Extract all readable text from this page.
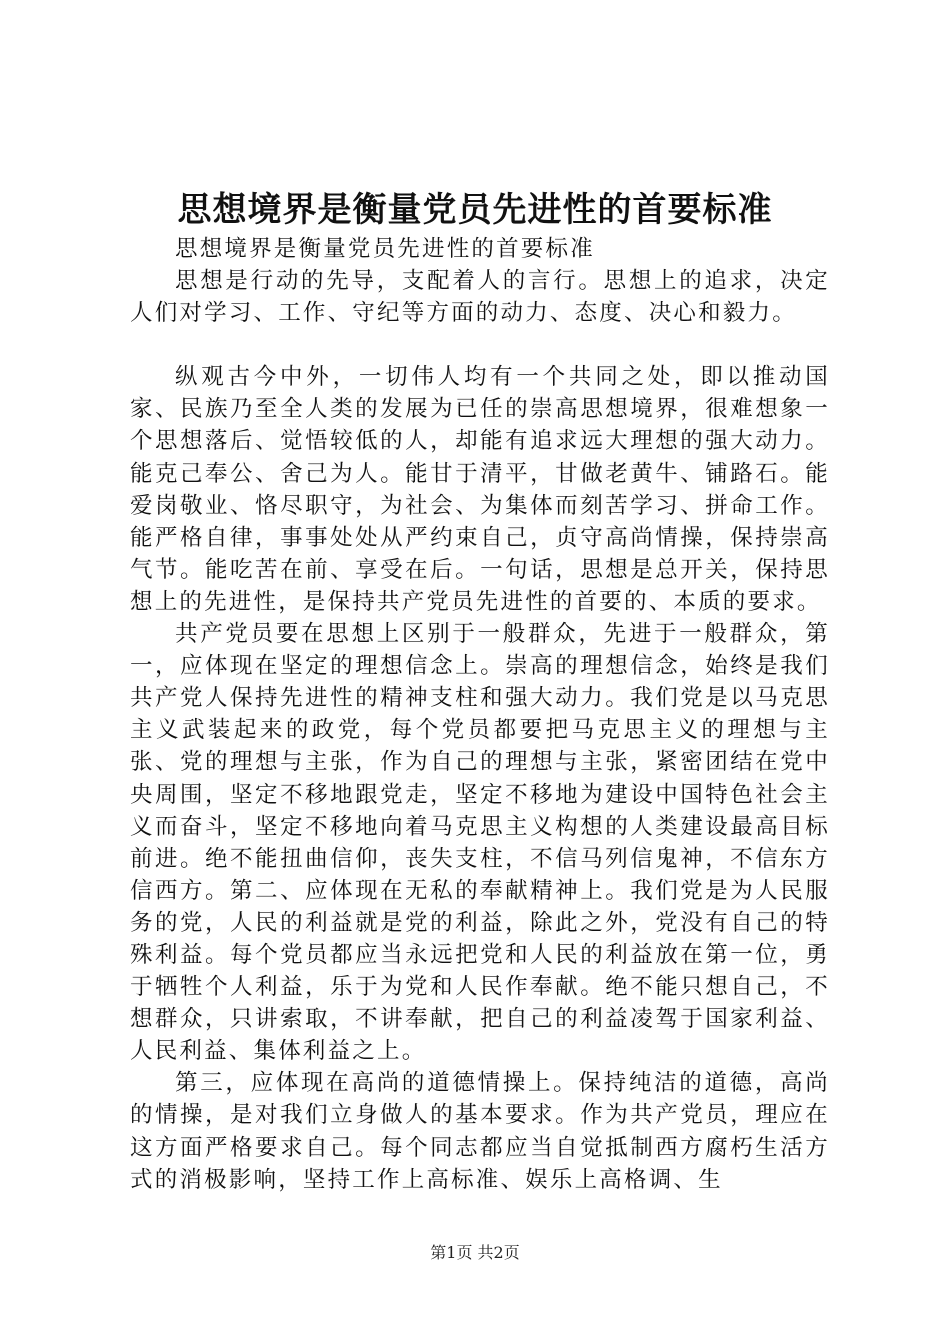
思想境界是衡量党员先进性的首要标准

思想境界是衡量党员先进性的首要标准

思想是行动的先导，支配着人的言行。思想上的追求，决定人们对学习、工作、守纪等方面的动力、态度、决心和毅力。

纵观古今中外，一切伟人均有一个共同之处，即以推动国家、民族乃至全人类的发展为已任的崇高思想境界，很难想象一个思想落后、觉悟较低的人，却能有追求远大理想的强大动力。能克己奉公、舍己为人。能甘于清平，甘做老黄牛、铺路石。能爱岗敬业、恪尽职守，为社会、为集体而刻苦学习、拼命工作。能严格自律，事事处处从严约束自己，贞守高尚情操，保持崇高气节。能吃苦在前、享受在后。一句话，思想是总开关，保持思想上的先进性，是保持共产党员先进性的首要的、本质的要求。

共产党员要在思想上区别于一般群众，先进于一般群众，第一，应体现在坚定的理想信念上。崇高的理想信念，始终是我们共产党人保持先进性的精神支柱和强大动力。我们党是以马克思主义武装起来的政党，每个党员都要把马克思主义的理想与主张、党的理想与主张，作为自己的理想与主张，紧密团结在党中央周围，坚定不移地跟党走，坚定不移地为建设中国特色社会主义而奋斗，坚定不移地向着马克思主义构想的人类建设最高目标前进。绝不能扭曲信仰，丧失支柱，不信马列信鬼神，不信东方信西方。第二、应体现在无私的奉献精神上。我们党是为人民服务的党，人民的利益就是党的利益，除此之外，党没有自己的特殊利益。每个党员都应当永远把党和人民的利益放在第一位，勇于牺牲个人利益，乐于为党和人民作奉献。绝不能只想自己，不想群众，只讲索取，不讲奉献，把自己的利益凌驾于国家利益、人民利益、集体利益之上。

第三，应体现在高尚的道德情操上。保持纯洁的道德，高尚的情操，是对我们立身做人的基本要求。作为共产党员，理应在这方面严格要求自己。每个同志都应当自觉抵制西方腐朽生活方式的消极影响，坚持工作上高标准、娱乐上高格调、生

第1页 共2页
